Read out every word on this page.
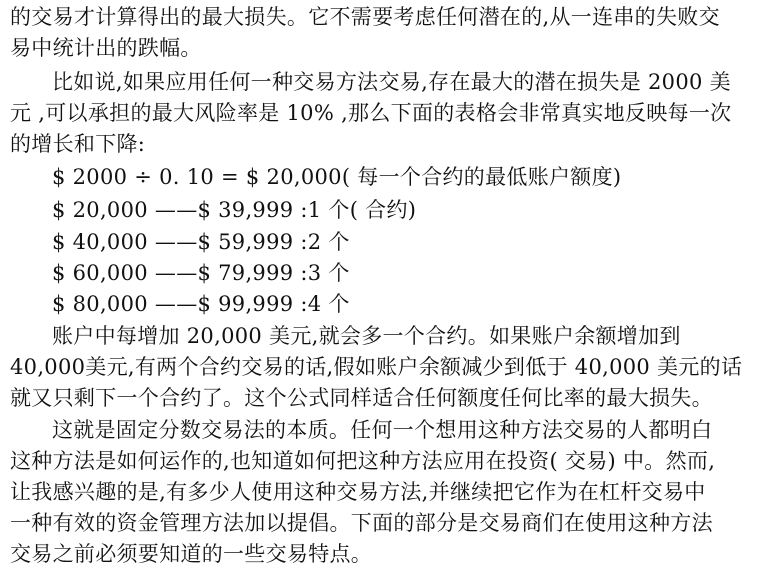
的交易才计算得出的最大损失。它不需要考虑任何潜在的,从一连串的失败交
易中统计出的跌幅。
比如说,如果应用任何一种交易方法交易,存在最大的潜在损失是 2000 美
元 ,可以承担的最大风险率是 10% ,那么下面的表格会非常真实地反映每一次
的增长和下降:
$ 2000 ÷ 0. 10 = $ 20,000( 每一个合约的最低账户额度)
$ 20,000 ——$ 39,999 :1 个( 合约)
$ 40,000 ——$ 59,999 :2 个
$ 60,000 ——$ 79,999 :3 个
$ 80,000 ——$ 99,999 :4 个
账户中每增加 20,000 美元,就会多一个合约。如果账户余额增加到
40,000美元,有两个合约交易的话,假如账户余额减少到低于 40,000 美元的话
就又只剩下一个合约了。这个公式同样适合任何额度任何比率的最大损失。
这就是固定分数交易法的本质。任何一个想用这种方法交易的人都明白
这种方法是如何运作的,也知道如何把这种方法应用在投资( 交易) 中。然而,
让我感兴趣的是,有多少人使用这种交易方法,并继续把它作为在杠杆交易中
一种有效的资金管理方法加以提倡。下面的部分是交易商们在使用这种方法
交易之前必须要知道的一些交易特点。
